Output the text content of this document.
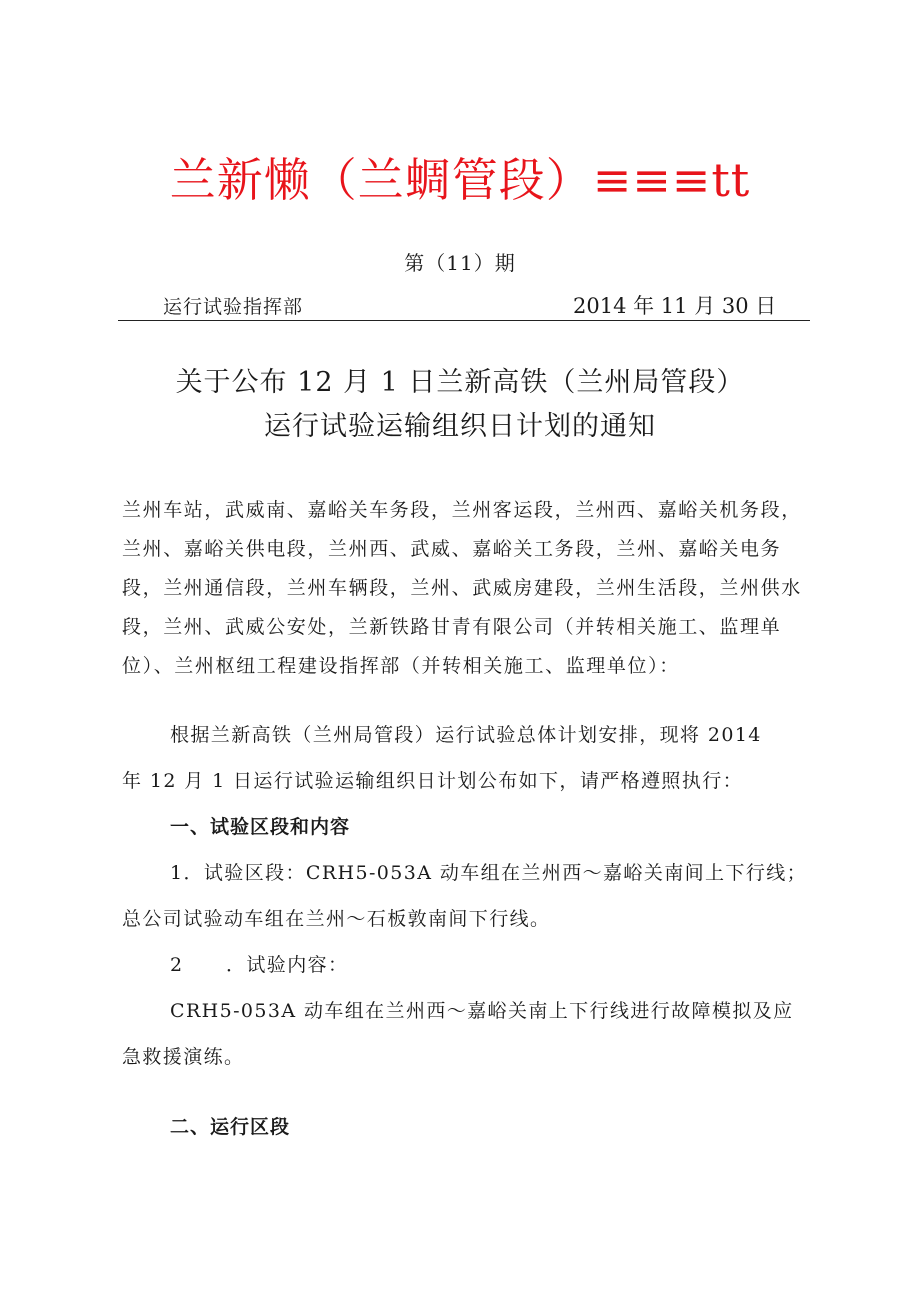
兰新懒（兰蜩管段）≡≡≡tt
第（11）期
运行试验指挥部	2014 年 11 月 30 日
关于公布 12 月 1 日兰新高铁（兰州局管段）
运行试验运输组织日计划的通知
兰州车站，武威南、嘉峪关车务段，兰州客运段，兰州西、嘉峪关机务段，兰州、嘉峪关供电段，兰州西、武威、嘉峪关工务段，兰州、嘉峪关电务段，兰州通信段，兰州车辆段，兰州、武威房建段，兰州生活段，兰州供水段，兰州、武威公安处，兰新铁路甘青有限公司（并转相关施工、监理单位）、兰州枢纽工程建设指挥部（并转相关施工、监理单位）：
根据兰新高铁（兰州局管段）运行试验总体计划安排，现将 2014
年 12 月 1 日运行试验运输组织日计划公布如下，请严格遵照执行：
一、试验区段和内容
1．试验区段：CRH5-053A 动车组在兰州西～嘉峪关南间上下行线；
总公司试验动车组在兰州～石板敦南间下行线。
2 ．试验内容：
CRH5-053A 动车组在兰州西～嘉峪关南上下行线进行故障模拟及应
急救援演练。
二、运行区段
